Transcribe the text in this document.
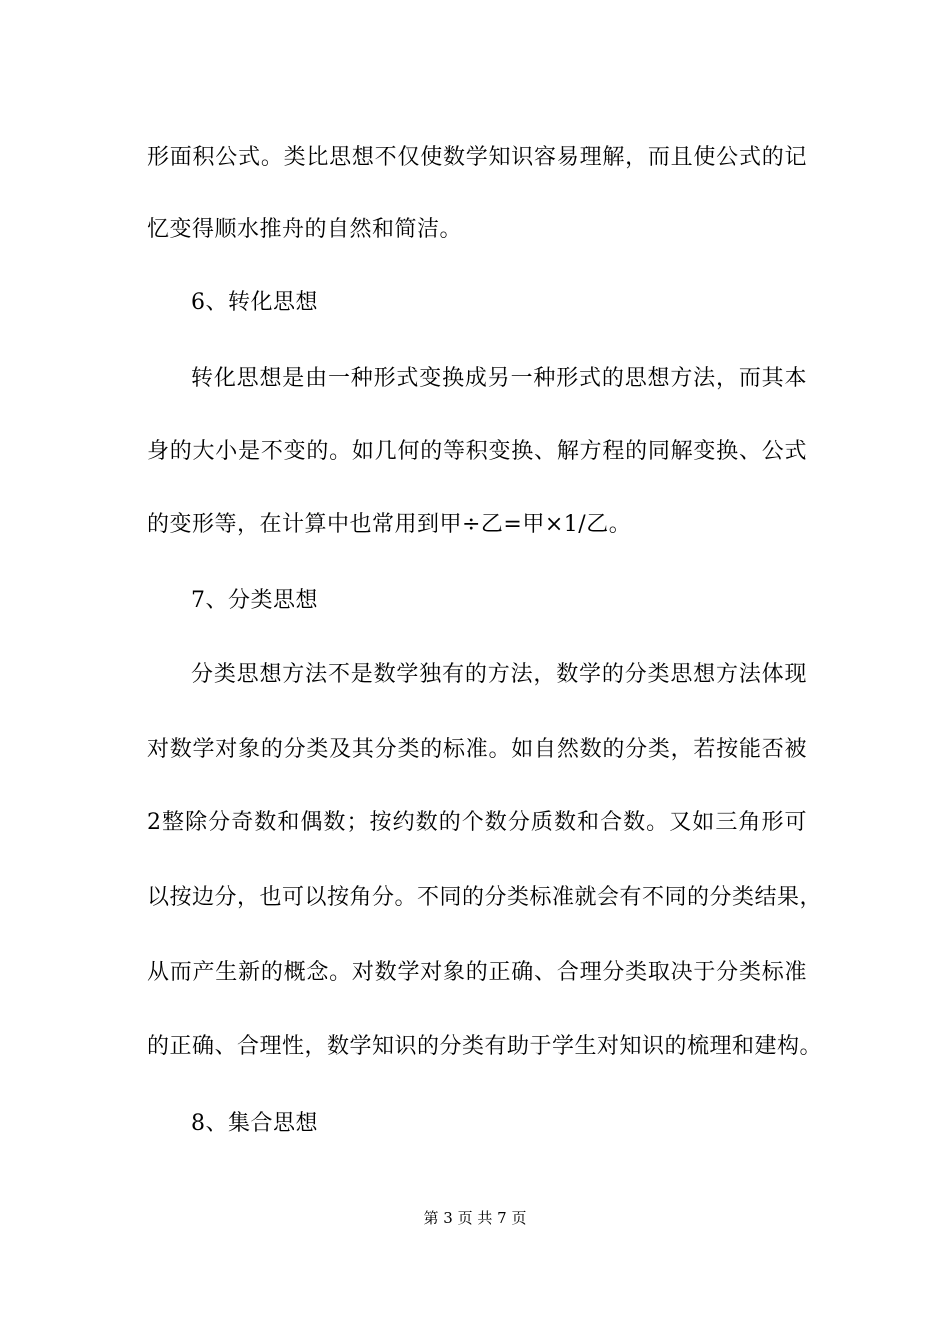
形面积公式。类比思想不仅使数学知识容易理解，而且使公式的记
忆变得顺水推舟的自然和简洁。
6、转化思想
转化思想是由一种形式变换成另一种形式的思想方法，而其本
身的大小是不变的。如几何的等积变换、解方程的同解变换、公式
的变形等，在计算中也常用到甲÷乙=甲×1/乙。
7、分类思想
分类思想方法不是数学独有的方法，数学的分类思想方法体现
对数学对象的分类及其分类的标准。如自然数的分类，若按能否被
2整除分奇数和偶数；按约数的个数分质数和合数。又如三角形可
以按边分，也可以按角分。不同的分类标准就会有不同的分类结果，
从而产生新的概念。对数学对象的正确、合理分类取决于分类标准
的正确、合理性，数学知识的分类有助于学生对知识的梳理和建构。
8、集合思想
第 3 页 共 7 页
